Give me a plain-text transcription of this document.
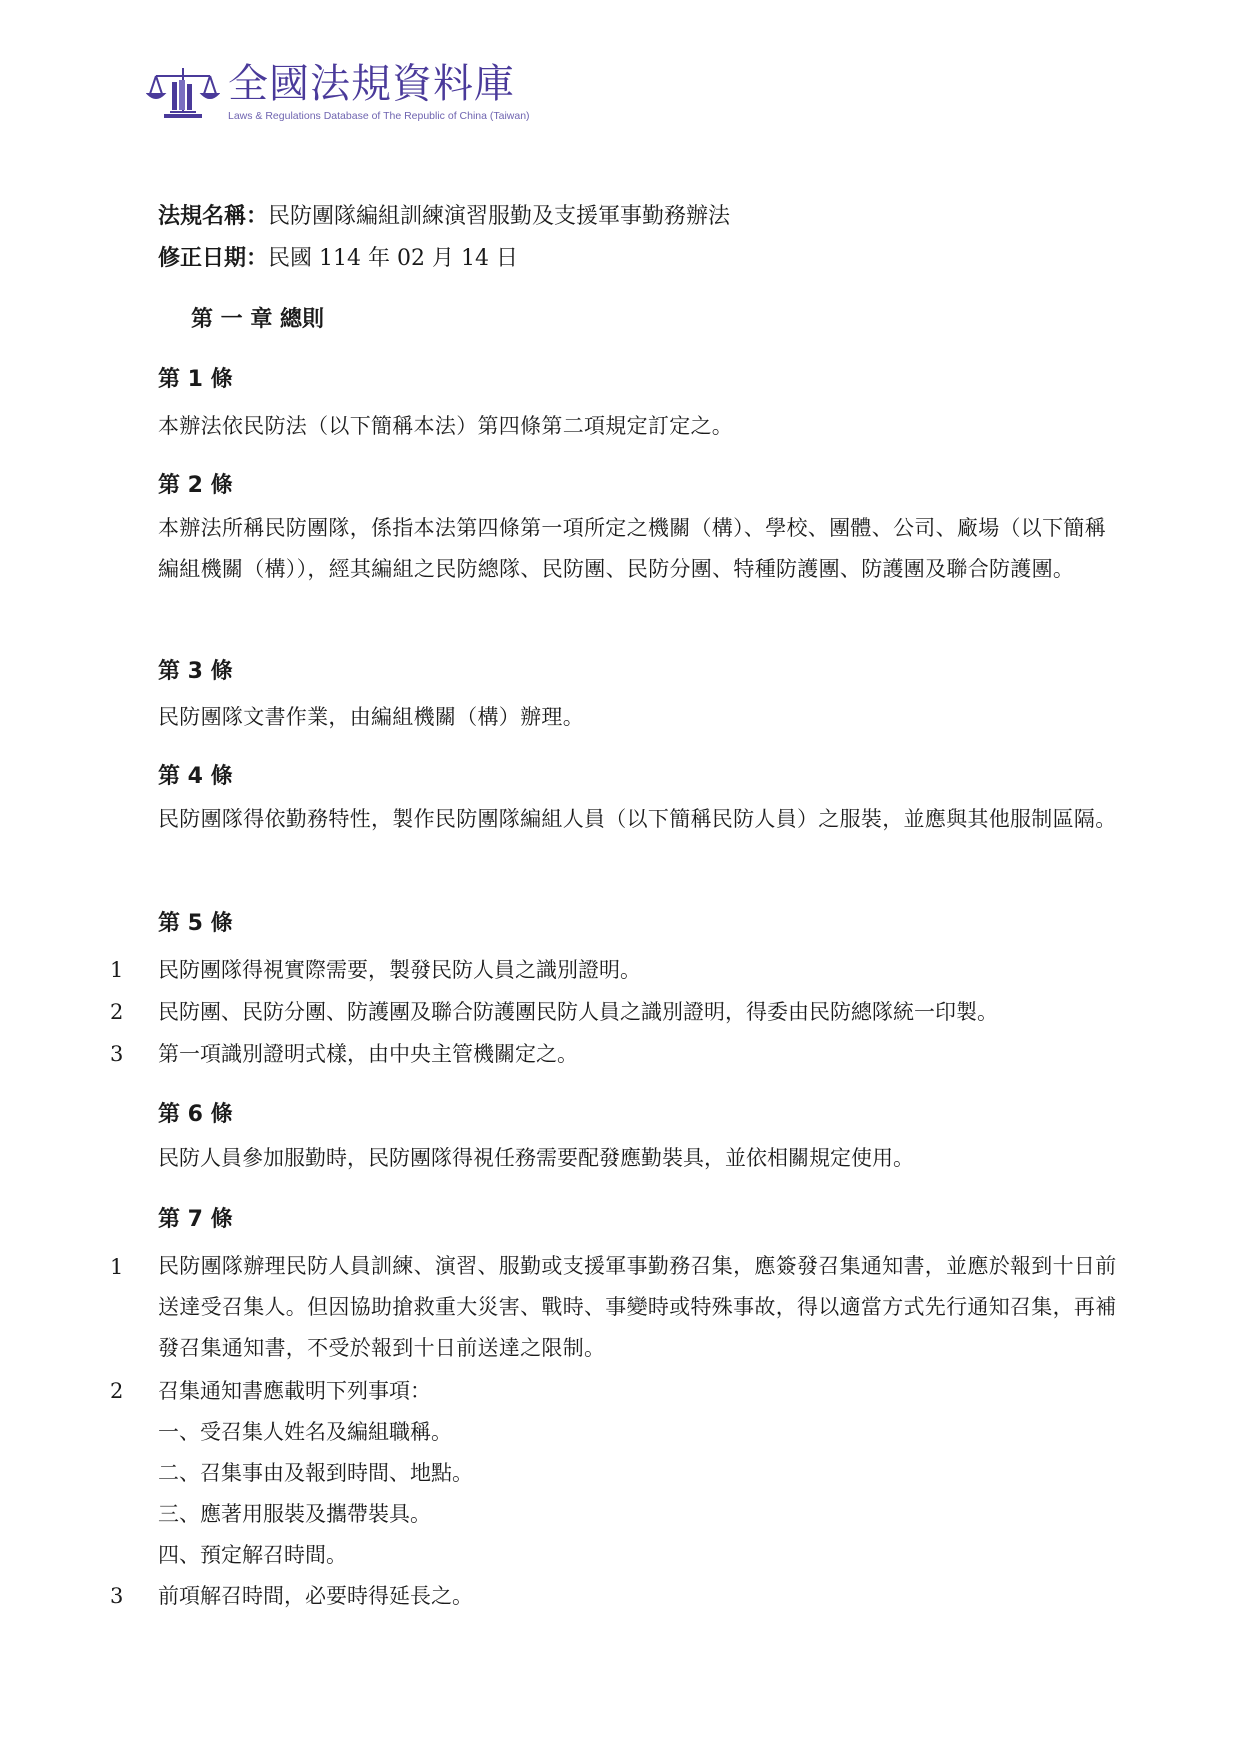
全國法規資料庫
Laws & Regulations Database of The Republic of China (Taiwan)
法規名稱：民防團隊編組訓練演習服勤及支援軍事勤務辦法
修正日期：民國 114 年 02 月 14 日
第 一 章 總則
第 1 條
本辦法依民防法（以下簡稱本法）第四條第二項規定訂定之。
第 2 條
本辦法所稱民防團隊，係指本法第四條第一項所定之機關（構）、學校、團體、公司、廠場（以下簡稱編組機關（構）），經其編組之民防總隊、民防團、民防分團、特種防護團、防護團及聯合防護團。
第 3 條
民防團隊文書作業，由編組機關（構）辦理。
第 4 條
民防團隊得依勤務特性，製作民防團隊編組人員（以下簡稱民防人員）之服裝，並應與其他服制區隔。
第 5 條
1 民防團隊得視實際需要，製發民防人員之識別證明。
2 民防團、民防分團、防護團及聯合防護團民防人員之識別證明，得委由民防總隊統一印製。
3 第一項識別證明式樣，由中央主管機關定之。
第 6 條
民防人員參加服勤時，民防團隊得視任務需要配發應勤裝具，並依相關規定使用。
第 7 條
1 民防團隊辦理民防人員訓練、演習、服勤或支援軍事勤務召集，應簽發召集通知書，並應於報到十日前送達受召集人。但因協助搶救重大災害、戰時、事變時或特殊事故，得以適當方式先行通知召集，再補發召集通知書，不受於報到十日前送達之限制。
2 召集通知書應載明下列事項：
一、受召集人姓名及編組職稱。
二、召集事由及報到時間、地點。
三、應著用服裝及攜帶裝具。
四、預定解召時間。
3 前項解召時間，必要時得延長之。
